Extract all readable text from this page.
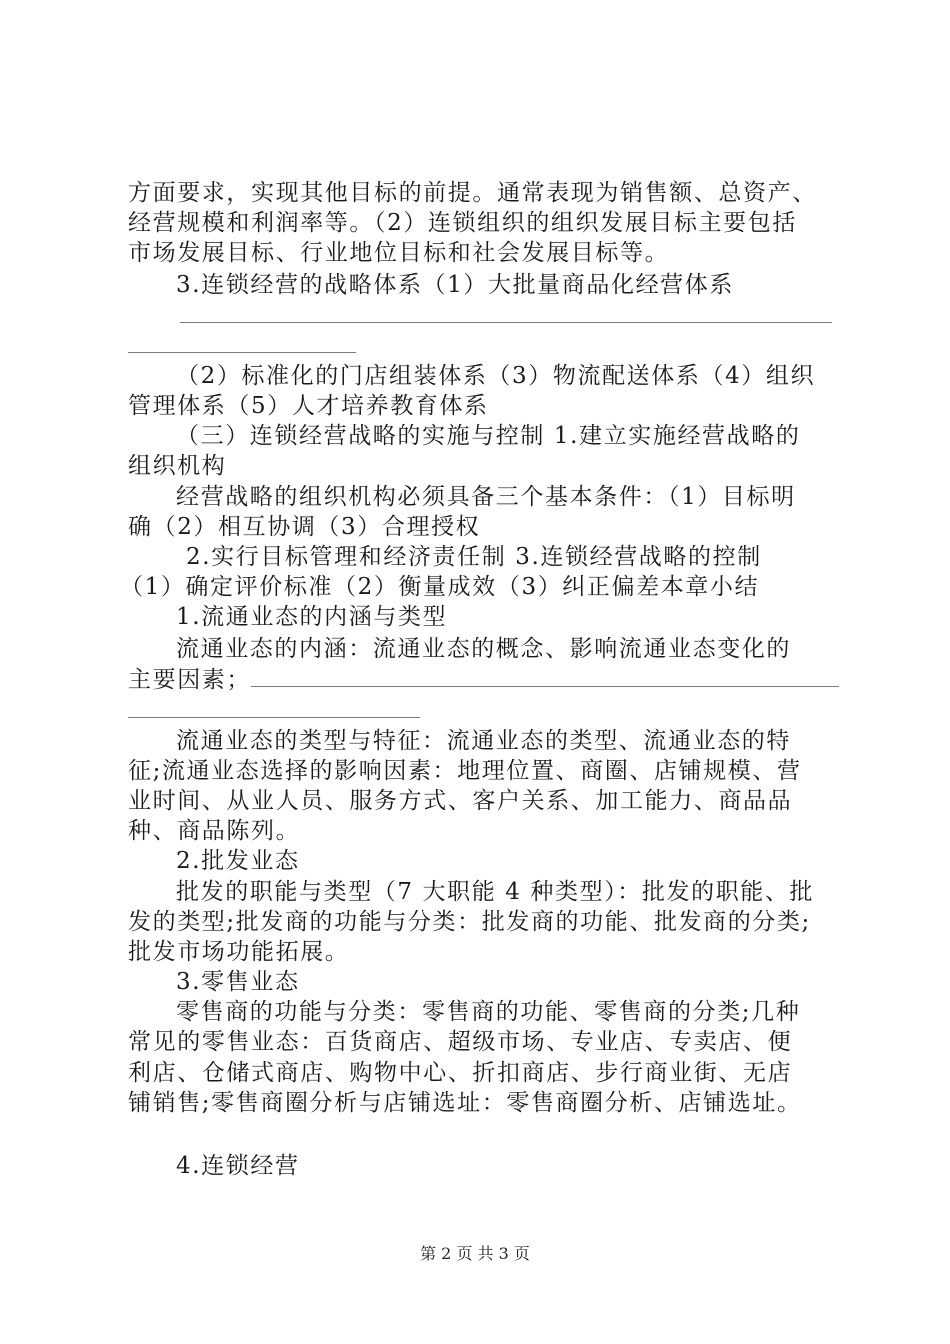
方面要求，实现其他目标的前提。通常表现为销售额、总资产、
经营规模和利润率等。（2）连锁组织的组织发展目标主要包括
市场发展目标、行业地位目标和社会发展目标等。
3.连锁经营的战略体系（1）大批量商品化经营体系
（2）标准化的门店组装体系（3）物流配送体系（4）组织
管理体系（5）人才培养教育体系
（三）连锁经营战略的实施与控制 1.建立实施经营战略的
组织机构
经营战略的组织机构必须具备三个基本条件：（1）目标明
确（2）相互协调（3）合理授权
2.实行目标管理和经济责任制 3.连锁经营战略的控制
（1）确定评价标准（2）衡量成效（3）纠正偏差本章小结
1.流通业态的内涵与类型
流通业态的内涵：流通业态的概念、影响流通业态变化的
主要因素；
流通业态的类型与特征：流通业态的类型、流通业态的特
征;流通业态选择的影响因素：地理位置、商圈、店铺规模、营
业时间、从业人员、服务方式、客户关系、加工能力、商品品
种、商品陈列。
2.批发业态
批发的职能与类型（7 大职能 4 种类型）：批发的职能、批
发的类型;批发商的功能与分类：批发商的功能、批发商的分类;
批发市场功能拓展。
3.零售业态
零售商的功能与分类：零售商的功能、零售商的分类;几种
常见的零售业态：百货商店、超级市场、专业店、专卖店、便
利店、仓储式商店、购物中心、折扣商店、步行商业街、无店
铺销售;零售商圈分析与店铺选址：零售商圈分析、店铺选址。
4.连锁经营
第 2 页 共 3 页
